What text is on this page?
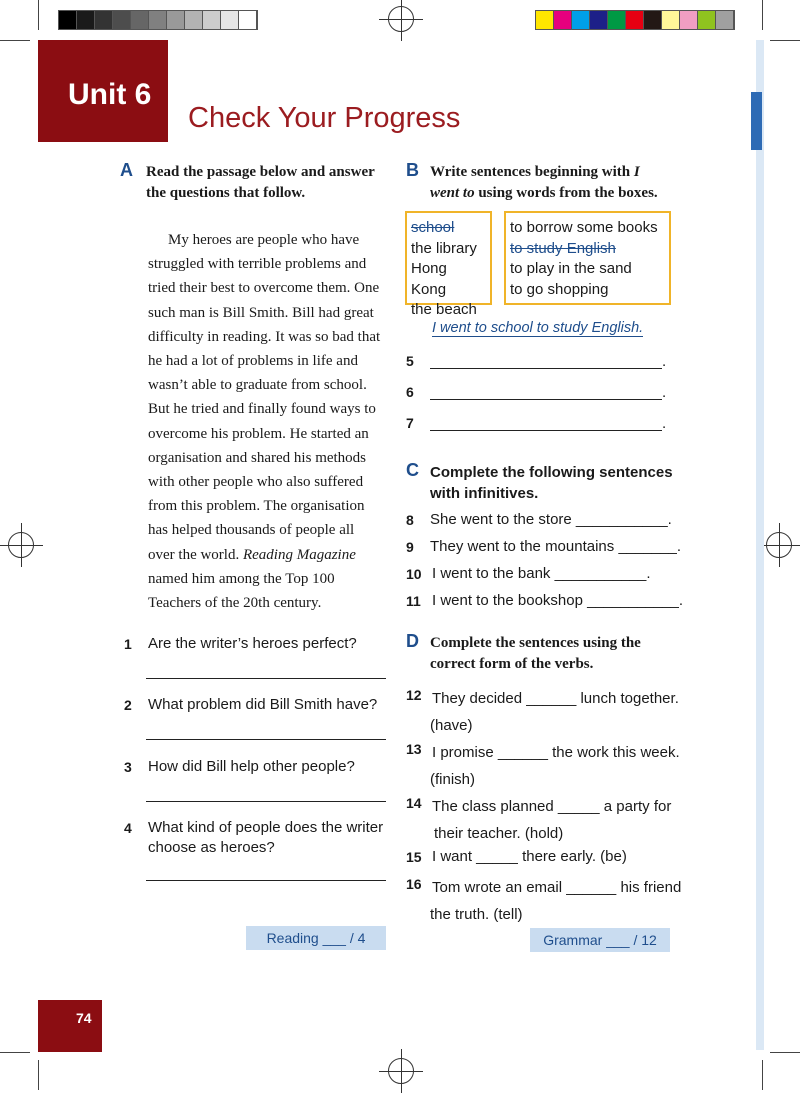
Unit 6
Check Your Progress
A Read the passage below and answer
the questions that follow.

My heroes are people who have struggled with terrible problems and tried their best to overcome them. One such man is Bill Smith. Bill had great difficulty in reading. It was so bad that he had a lot of problems in life and wasn’t able to graduate from school. But he tried and finally found ways to overcome his problem. He started an organisation and shared his methods with other people who also suffered from this problem. The organisation has helped thousands of people all over the world. Reading Magazine named him among the Top 100 Teachers of the 20th century.

1 Are the writer’s heroes perfect?
2 What problem did Bill Smith have?
3 How did Bill help other people?
4 What kind of people does the writer
choose as heroes?
Reading ___ / 4
B Write sentences beginning with I
went to using words from the boxes.
school
the library
Hong Kong
the beach
to borrow some books
to study English
to play in the sand
to go shopping
I went to school to study English.
5	.
6	.
7	.
C Complete the following sentences
with infinitives.
8 She went to the store ___________.
9 They went to the mountains _______.
10 I went to the bank ___________.
11 I went to the bookshop ___________.
D Complete the sentences using the
correct form of the verbs.
12 They decided ______ lunch together.
(have)
13 I promise ______ the work this week.
(finish)
14 The class planned _____ a party for
their teacher. (hold)
15 I want _____ there early. (be)
16 Tom wrote an email ______ his friend
the truth. (tell)
Grammar ___ / 12
74
